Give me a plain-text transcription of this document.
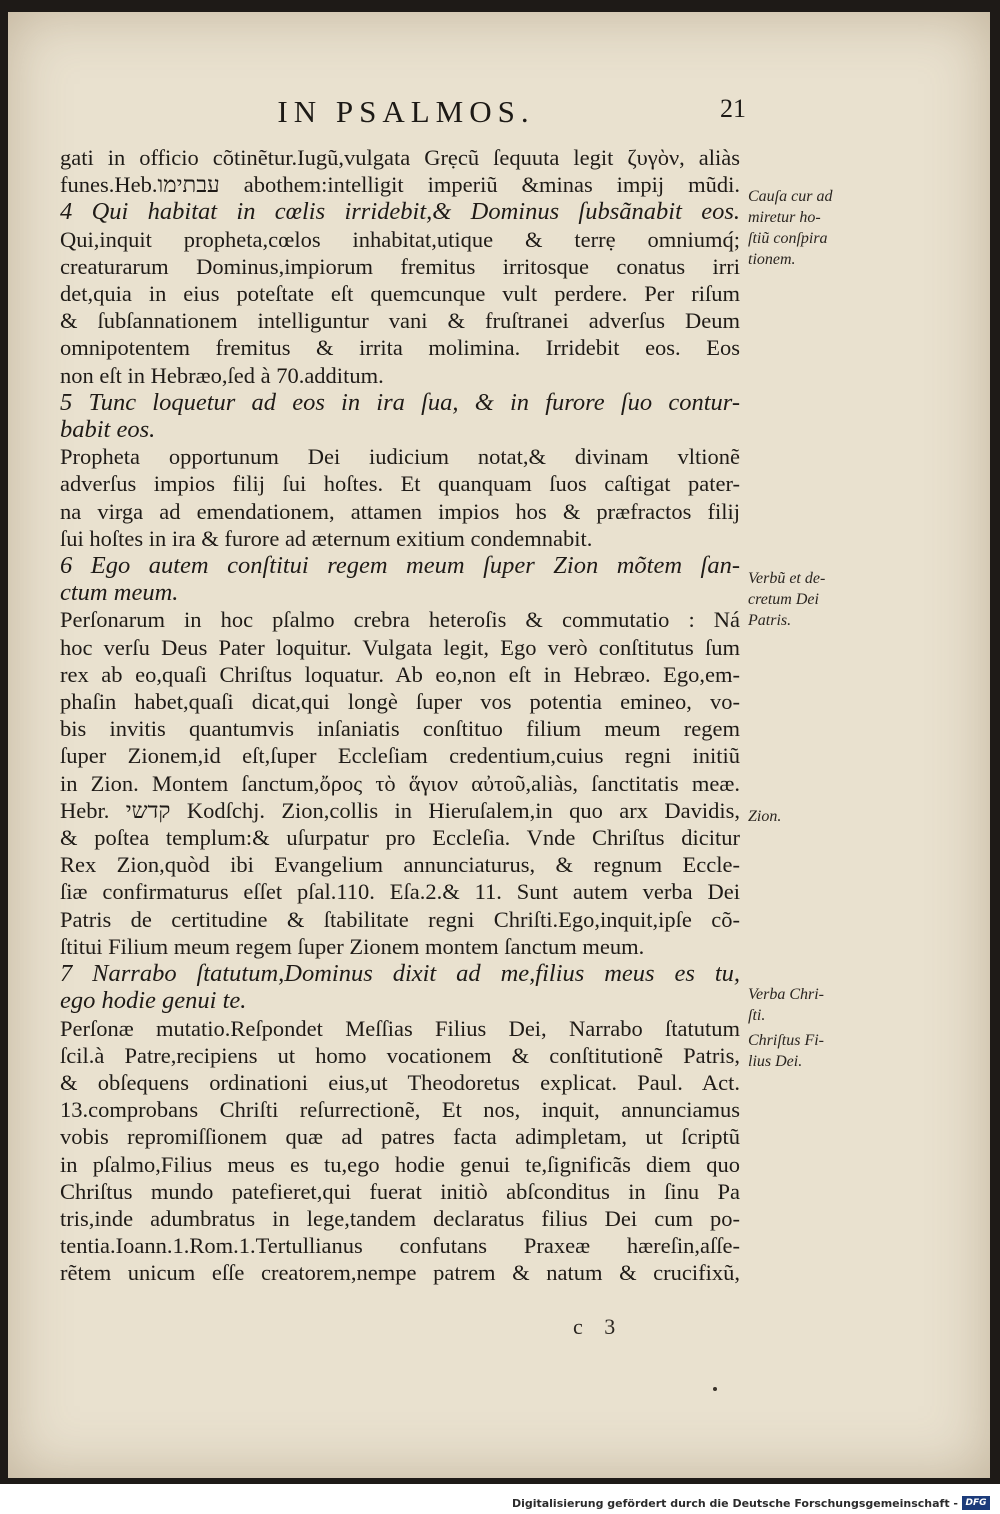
IN PSALMOS.	21
gati in officio cõtinẽtur.Iugũ,vulgata Grẹcũ ſequuta legit ζυγὸν, aliàs
funes.Heb.עבתימו abothem:intelligit imperiũ &minas impij mũdi.
4 Qui habitat in cœlis irridebit,& Dominus ſubsãnabit eos.
Qui,inquit propheta,cœlos inhabitat,utique & terrẹ omniumq́;
creaturarum Dominus,impiorum fremitus irritosque conatus irri
det,quia in eius poteſtate eſt quemcunque vult perdere. Per riſum
& ſubſannationem intelliguntur vani & fruſtranei adverſus Deum
omnipotentem fremitus & irrita molimina. Irridebit eos. Eos
non eſt in Hebræo,ſed à 70.additum.
5 Tunc loquetur ad eos in ira ſua, & in furore ſuo contur-
babit eos.
Propheta opportunum Dei iudicium notat,& divinam vltionẽ
adverſus impios filij ſui hoſtes. Et quanquam ſuos caſtigat pater-
na virga ad emendationem, attamen impios hos & præfractos filij
ſui hoſtes in ira & furore ad æternum exitium condemnabit.
6 Ego autem conſtitui regem meum ſuper Zion mõtem ſan-
ctum meum.
Perſonarum in hoc pſalmo crebra heteroſis & commutatio : Ná
hoc verſu Deus Pater loquitur. Vulgata legit, Ego verò conſtitutus ſum
rex ab eo,quaſi Chriſtus loquatur. Ab eo,non eſt in Hebræo. Ego,em-
phaſin habet,quaſi dicat,qui longè ſuper vos potentia emineo, vo-
bis invitis quantumvis inſaniatis conſtituo filium meum regem
ſuper Zionem,id eſt,ſuper Eccleſiam credentium,cuius regni initiũ
in Zion. Montem ſanctum,ὄρος τὸ ἅγιον αὐτοῦ,aliàs, ſanctitatis meæ.
Hebr. קדשי Kodſchj. Zion,collis in Hieruſalem,in quo arx Davidis,
& poſtea templum:& uſurpatur pro Eccleſia. Vnde Chriſtus dicitur
Rex Zion,quòd ibi Evangelium annunciaturus, & regnum Eccle-
ſiæ confirmaturus eſſet pſal.110. Eſa.2.& 11. Sunt autem verba Dei
Patris de certitudine & ſtabilitate regni Chriſti.Ego,inquit,ipſe cõ-
ſtitui Filium meum regem ſuper Zionem montem ſanctum meum.
7 Narrabo ſtatutum,Dominus dixit ad me,filius meus es tu,
ego hodie genui te.
Perſonæ mutatio.Reſpondet Meſſias Filius Dei, Narrabo ſtatutum
ſcil.à Patre,recipiens ut homo vocationem & conſtitutionẽ Patris,
& obſequens ordinationi eius,ut Theodoretus explicat. Paul. Act.
13.comprobans Chriſti reſurrectionẽ, Et nos, inquit, annunciamus
vobis repromiſſionem quæ ad patres facta adimpletam, ut ſcriptũ
in pſalmo,Filius meus es tu,ego hodie genui te,ſignificãs diem quo
Chriſtus mundo patefieret,qui fuerat initiò abſconditus in ſinu Pa
tris,inde adumbratus in lege,tandem declaratus filius Dei cum po-
tentia.Ioann.1.Rom.1.Tertullianus confutans Praxeæ hæreſin,aſſe-
rẽtem unicum eſſe creatorem,nempe patrem & natum & crucifixũ,
Cauſa cur ad
miretur ho-
ſtiũ conſpira
tionem.
Verbũ et de-
cretum Dei
Patris.
Zion.
Verba Chri-
ſti.
Chriſtus Fi-
lius Dei.
c 3
Digitalisierung gefördert durch die Deutsche Forschungsgemeinschaft - DFG
